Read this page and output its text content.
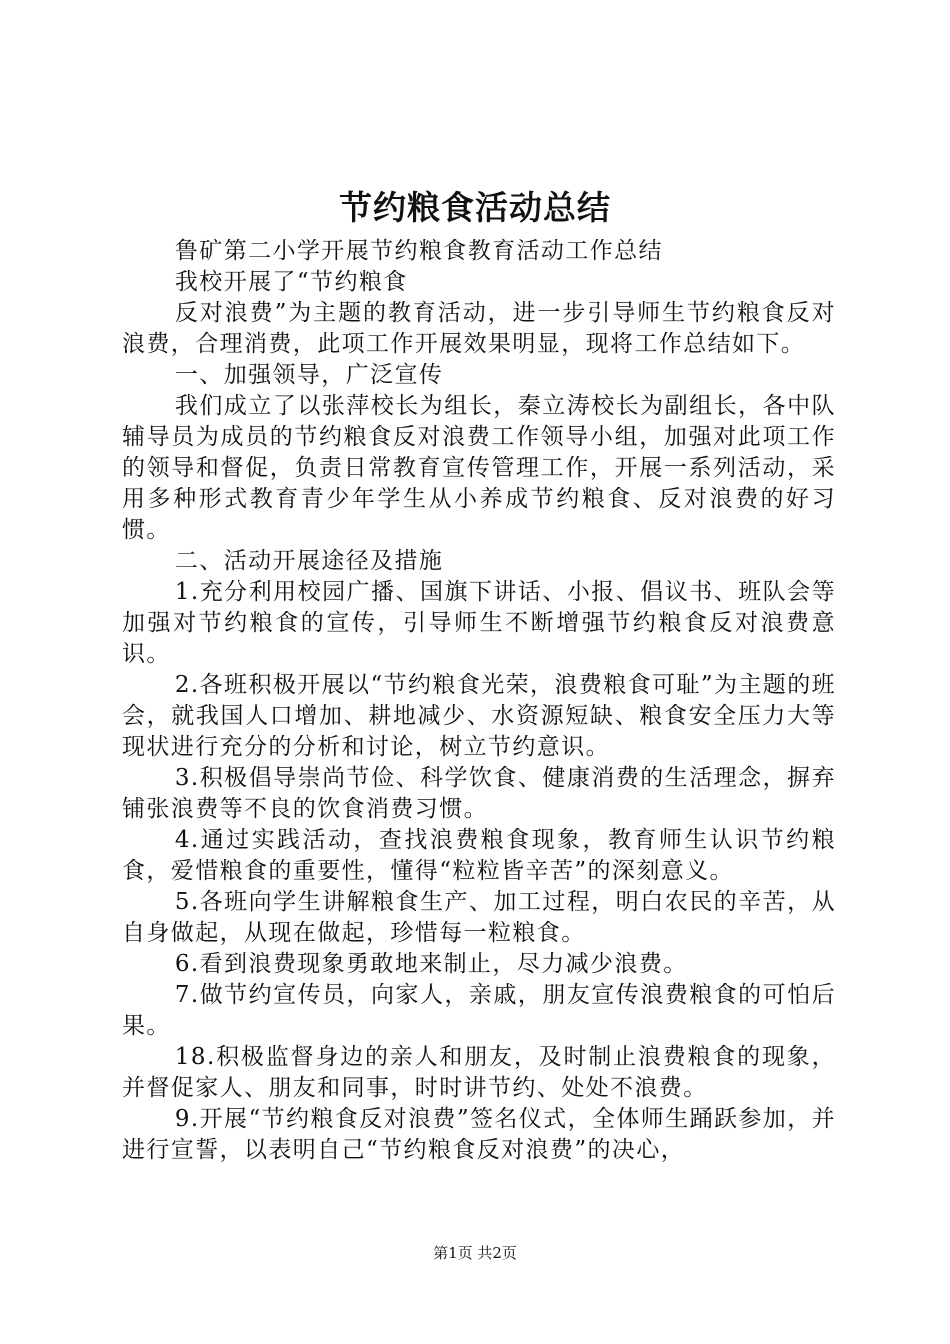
节约粮食活动总结

鲁矿第二小学开展节约粮食教育活动工作总结

我校开展了“节约粮食

反对浪费”为主题的教育活动，进一步引导师生节约粮食反对浪费，合理消费，此项工作开展效果明显，现将工作总结如下。

一、加强领导，广泛宣传

我们成立了以张萍校长为组长，秦立涛校长为副组长，各中队辅导员为成员的节约粮食反对浪费工作领导小组，加强对此项工作的领导和督促，负责日常教育宣传管理工作，开展一系列活动，采用多种形式教育青少年学生从小养成节约粮食、反对浪费的好习惯。

二、活动开展途径及措施

1.充分利用校园广播、国旗下讲话、小报、倡议书、班队会等加强对节约粮食的宣传，引导师生不断增强节约粮食反对浪费意识。

2.各班积极开展以“节约粮食光荣，浪费粮食可耻”为主题的班会，就我国人口增加、耕地减少、水资源短缺、粮食安全压力大等现状进行充分的分析和讨论，树立节约意识。

3.积极倡导崇尚节俭、科学饮食、健康消费的生活理念，摒弃铺张浪费等不良的饮食消费习惯。

4.通过实践活动，查找浪费粮食现象，教育师生认识节约粮食，爱惜粮食的重要性，懂得“粒粒皆辛苦”的深刻意义。

5.各班向学生讲解粮食生产、加工过程，明白农民的辛苦，从自身做起，从现在做起，珍惜每一粒粮食。

6.看到浪费现象勇敢地来制止，尽力减少浪费。

7.做节约宣传员，向家人，亲戚，朋友宣传浪费粮食的可怕后果。

18.积极监督身边的亲人和朋友，及时制止浪费粮食的现象，并督促家人、朋友和同事，时时讲节约、处处不浪费。

9.开展“节约粮食反对浪费”签名仪式，全体师生踊跃参加，并进行宣誓，以表明自己“节约粮食反对浪费”的决心，

第1页 共2页
